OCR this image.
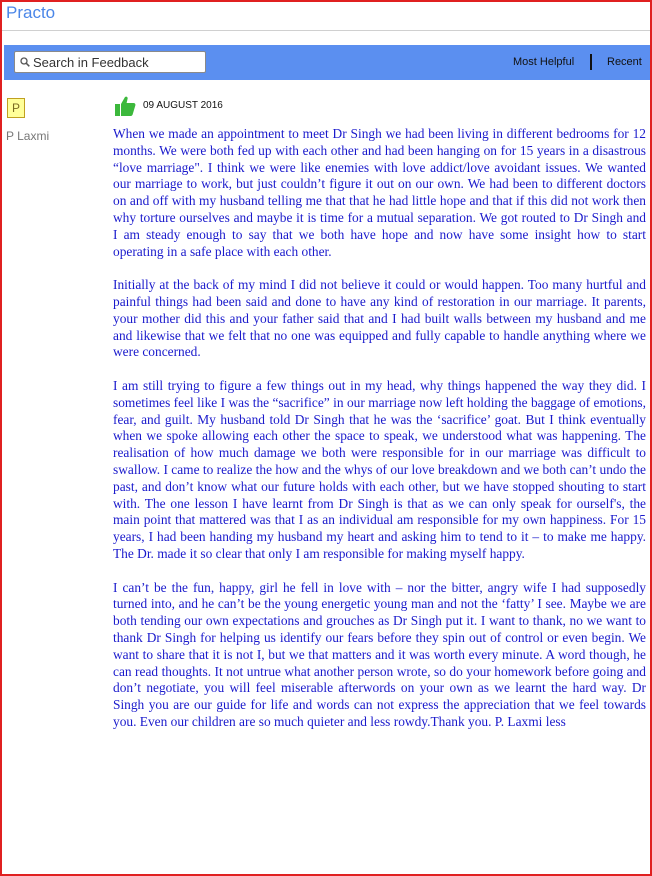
Practo
Search in Feedback
Most Helpful	Recent
P
P Laxmi
09 AUGUST 2016

When we made an appointment to meet Dr Singh we had been living in different bedrooms for 12 months. We were both fed up with each other and had been hanging on for 15 years in a disastrous “love marriage". I think we were like enemies with love addict/love avoidant issues. We wanted our marriage to work, but just couldn’t figure it out on our own. We had been to different doctors on and off with my husband telling me that that he had little hope and that if this did not work then why torture ourselves and maybe it is time for a mutual separation. We got routed to Dr Singh and I am steady enough to say that we both have hope and now have some insight how to start operating in a safe place with each other.

Initially at the back of my mind I did not believe it could or would happen. Too many hurtful and painful things had been said and done to have any kind of restoration in our marriage. It parents, your mother did this and your father said that and I had built walls between my husband and me and likewise that we felt that no one was equipped and fully capable to handle anything where we were concerned.

I am still trying to figure a few things out in my head, why things happened the way they did. I sometimes feel like I was the “sacrifice” in our marriage now left holding the baggage of emotions, fear, and guilt. My husband told Dr Singh that he was the ‘sacrifice’ goat. But I think eventually when we spoke allowing each other the space to speak, we understood what was happening. The realisation of how much damage we both were responsible for in our marriage was difficult to swallow. I came to realize the how and the whys of our love breakdown and we both can’t undo the past, and don’t know what our future holds with each other, but we have stopped shouting to start with. The one lesson I have learnt from Dr Singh is that as we can only speak for ourself's, the main point that mattered was that I as an individual am responsible for my own happiness. For 15 years, I had been handing my husband my heart and asking him to tend to it – to make me happy. The Dr. made it so clear that only I am responsible for making myself happy.

I can’t be the fun, happy, girl he fell in love with – nor the bitter, angry wife I had supposedly turned into, and he can’t be the young energetic young man and not the ‘fatty’ I see. Maybe we are both tending our own expectations and grouches as Dr Singh put it. I want to thank, no we want to thank Dr Singh for helping us identify our fears before they spin out of control or even begin. We want to share that it is not I, but we that matters and it was worth every minute. A word though, he can read thoughts. It not untrue what another person wrote, so do your homework before going and don’t negotiate, you will feel miserable afterwords on your own as we learnt the hard way. Dr Singh you are our guide for life and words can not express the appreciation that we feel towards you. Even our children are so much quieter and less rowdy.Thank you. P. Laxmi less
